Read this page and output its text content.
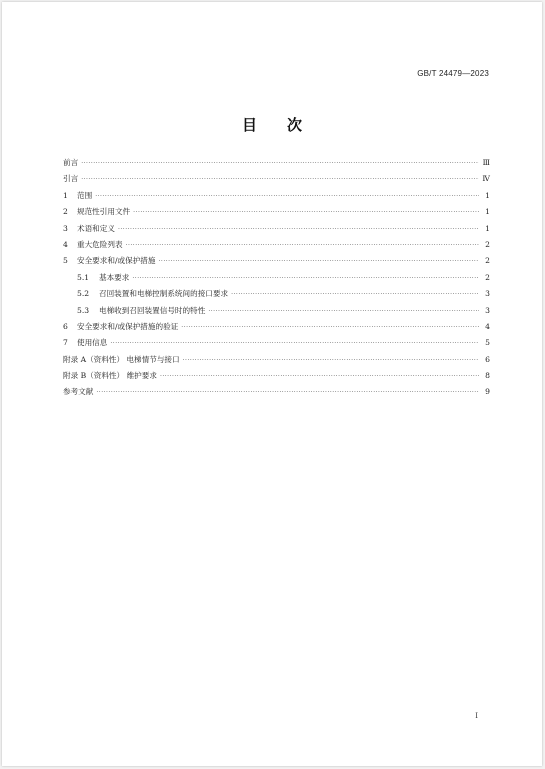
GB/T 24479—2023
目 次
前言 ·····	Ⅲ
引言 ·····	Ⅳ
1	范围 ·····	1
2	规范性引用文件 ·····	1
3	术语和定义 ·····	1
4	重大危险列表 ·····	2
5	安全要求和/或保护措施 ·····	2
5.1	基本要求 ·····	2
5.2	召回装置和电梯控制系统间的接口要求 ·····	3
5.3	电梯收到召回装置信号时的特性 ·····	3
6	安全要求和/或保护措施的验证 ·····	4
7	使用信息 ·····	5
附录 A（资料性） 电梯情节与接口 ·····	6
附录 B（资料性） 维护要求 ·····	8
参考文献 ·····	9
I
